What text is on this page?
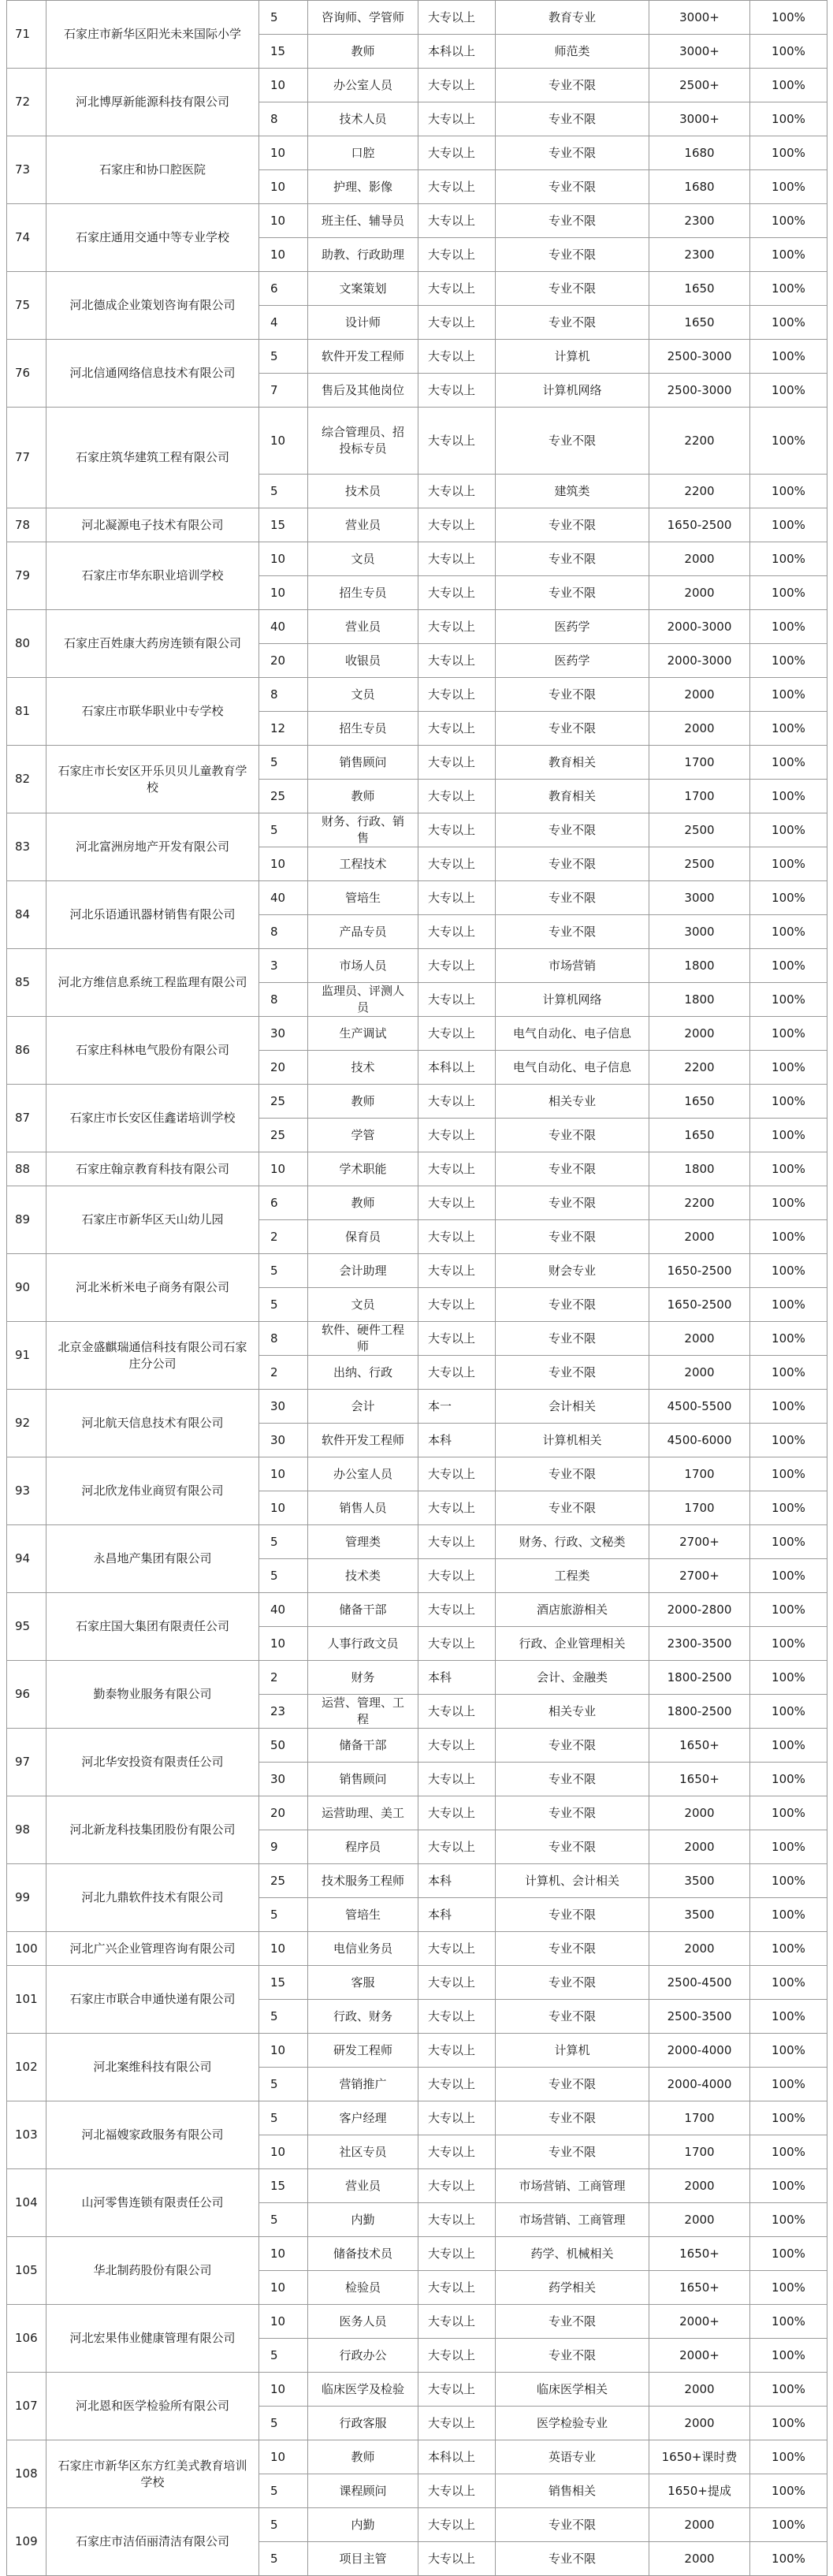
71	石家庄市新华区阳光未来国际小学	5	咨询师、学管师	大专以上	教育专业	3000+	100%
		15	教师	本科以上	师范类	3000+	100%
72	河北博厚新能源科技有限公司	10	办公室人员	大专以上	专业不限	2500+	100%
		8	技术人员	大专以上	专业不限	3000+	100%
73	石家庄和协口腔医院	10	口腔	大专以上	专业不限	1680	100%
		10	护理、影像	大专以上	专业不限	1680	100%
74	石家庄通用交通中等专业学校	10	班主任、辅导员	大专以上	专业不限	2300	100%
		10	助教、行政助理	大专以上	专业不限	2300	100%
75	河北德成企业策划咨询有限公司	6	文案策划	大专以上	专业不限	1650	100%
		4	设计师	大专以上	专业不限	1650	100%
76	河北信通网络信息技术有限公司	5	软件开发工程师	大专以上	计算机	2500-3000	100%
		7	售后及其他岗位	大专以上	计算机网络	2500-3000	100%
77	石家庄筑华建筑工程有限公司	10	综合管理员、招投标专员	大专以上	专业不限	2200	100%
		5	技术员	大专以上	建筑类	2200	100%
78	河北凝源电子技术有限公司	15	营业员	大专以上	专业不限	1650-2500	100%
79	石家庄市华东职业培训学校	10	文员	大专以上	专业不限	2000	100%
		10	招生专员	大专以上	专业不限	2000	100%
80	石家庄百姓康大药房连锁有限公司	40	营业员	大专以上	医药学	2000-3000	100%
		20	收银员	大专以上	医药学	2000-3000	100%
81	石家庄市联华职业中专学校	8	文员	大专以上	专业不限	2000	100%
		12	招生专员	大专以上	专业不限	2000	100%
82	石家庄市长安区开乐贝贝儿童教育学校	5	销售顾问	大专以上	教育相关	1700	100%
		25	教师	大专以上	教育相关	1700	100%
83	河北富洲房地产开发有限公司	5	财务、行政、销售	大专以上	专业不限	2500	100%
		10	工程技术	大专以上	专业不限	2500	100%
84	河北乐语通讯器材销售有限公司	40	管培生	大专以上	专业不限	3000	100%
		8	产品专员	大专以上	专业不限	3000	100%
85	河北方维信息系统工程监理有限公司	3	市场人员	大专以上	市场营销	1800	100%
		8	监理员、评测人员	大专以上	计算机网络	1800	100%
86	石家庄科林电气股份有限公司	30	生产调试	大专以上	电气自动化、电子信息	2000	100%
		20	技术	本科以上	电气自动化、电子信息	2200	100%
87	石家庄市长安区佳鑫诺培训学校	25	教师	大专以上	相关专业	1650	100%
		25	学管	大专以上	专业不限	1650	100%
88	石家庄翰京教育科技有限公司	10	学术职能	大专以上	专业不限	1800	100%
89	石家庄市新华区天山幼儿园	6	教师	大专以上	专业不限	2200	100%
		2	保育员	大专以上	专业不限	2000	100%
90	河北米析米电子商务有限公司	5	会计助理	大专以上	财会专业	1650-2500	100%
		5	文员	大专以上	专业不限	1650-2500	100%
91	北京金盛麒瑞通信科技有限公司石家庄分公司	8	软件、硬件工程师	大专以上	专业不限	2000	100%
		2	出纳、行政	大专以上	专业不限	2000	100%
92	河北航天信息技术有限公司	30	会计	本一	会计相关	4500-5500	100%
		30	软件开发工程师	本科	计算机相关	4500-6000	100%
93	河北欣龙伟业商贸有限公司	10	办公室人员	大专以上	专业不限	1700	100%
		10	销售人员	大专以上	专业不限	1700	100%
94	永昌地产集团有限公司	5	管理类	大专以上	财务、行政、文秘类	2700+	100%
		5	技术类	大专以上	工程类	2700+	100%
95	石家庄国大集团有限责任公司	40	储备干部	大专以上	酒店旅游相关	2000-2800	100%
		10	人事行政文员	大专以上	行政、企业管理相关	2300-3500	100%
96	勤泰物业服务有限公司	2	财务	本科	会计、金融类	1800-2500	100%
		23	运营、管理、工程	大专以上	相关专业	1800-2500	100%
97	河北华安投资有限责任公司	50	储备干部	大专以上	专业不限	1650+	100%
		30	销售顾问	大专以上	专业不限	1650+	100%
98	河北新龙科技集团股份有限公司	20	运营助理、美工	大专以上	专业不限	2000	100%
		9	程序员	大专以上	专业不限	2000	100%
99	河北九鼎软件技术有限公司	25	技术服务工程师	本科	计算机、会计相关	3500	100%
		5	管培生	本科	专业不限	3500	100%
100	河北广兴企业管理咨询有限公司	10	电信业务员	大专以上	专业不限	2000	100%
101	石家庄市联合申通快递有限公司	15	客服	大专以上	专业不限	2500-4500	100%
		5	行政、财务	大专以上	专业不限	2500-3500	100%
102	河北案维科技有限公司	10	研发工程师	大专以上	计算机	2000-4000	100%
		5	营销推广	大专以上	专业不限	2000-4000	100%
103	河北福嫂家政服务有限公司	5	客户经理	大专以上	专业不限	1700	100%
		10	社区专员	大专以上	专业不限	1700	100%
104	山河零售连锁有限责任公司	15	营业员	大专以上	市场营销、工商管理	2000	100%
		5	内勤	大专以上	市场营销、工商管理	2000	100%
105	华北制药股份有限公司	10	储备技术员	大专以上	药学、机械相关	1650+	100%
		10	检验员	大专以上	药学相关	1650+	100%
106	河北宏果伟业健康管理有限公司	10	医务人员	大专以上	专业不限	2000+	100%
		5	行政办公	大专以上	专业不限	2000+	100%
107	河北恩和医学检验所有限公司	10	临床医学及检验	大专以上	临床医学相关	2000	100%
		5	行政客服	大专以上	医学检验专业	2000	100%
108	石家庄市新华区东方红美式教育培训学校	10	教师	本科以上	英语专业	1650+课时费	100%
		5	课程顾问	大专以上	销售相关	1650+提成	100%
109	石家庄市洁佰丽清洁有限公司	5	内勤	大专以上	专业不限	2000	100%
		5	项目主管	大专以上	专业不限	2000	100%
